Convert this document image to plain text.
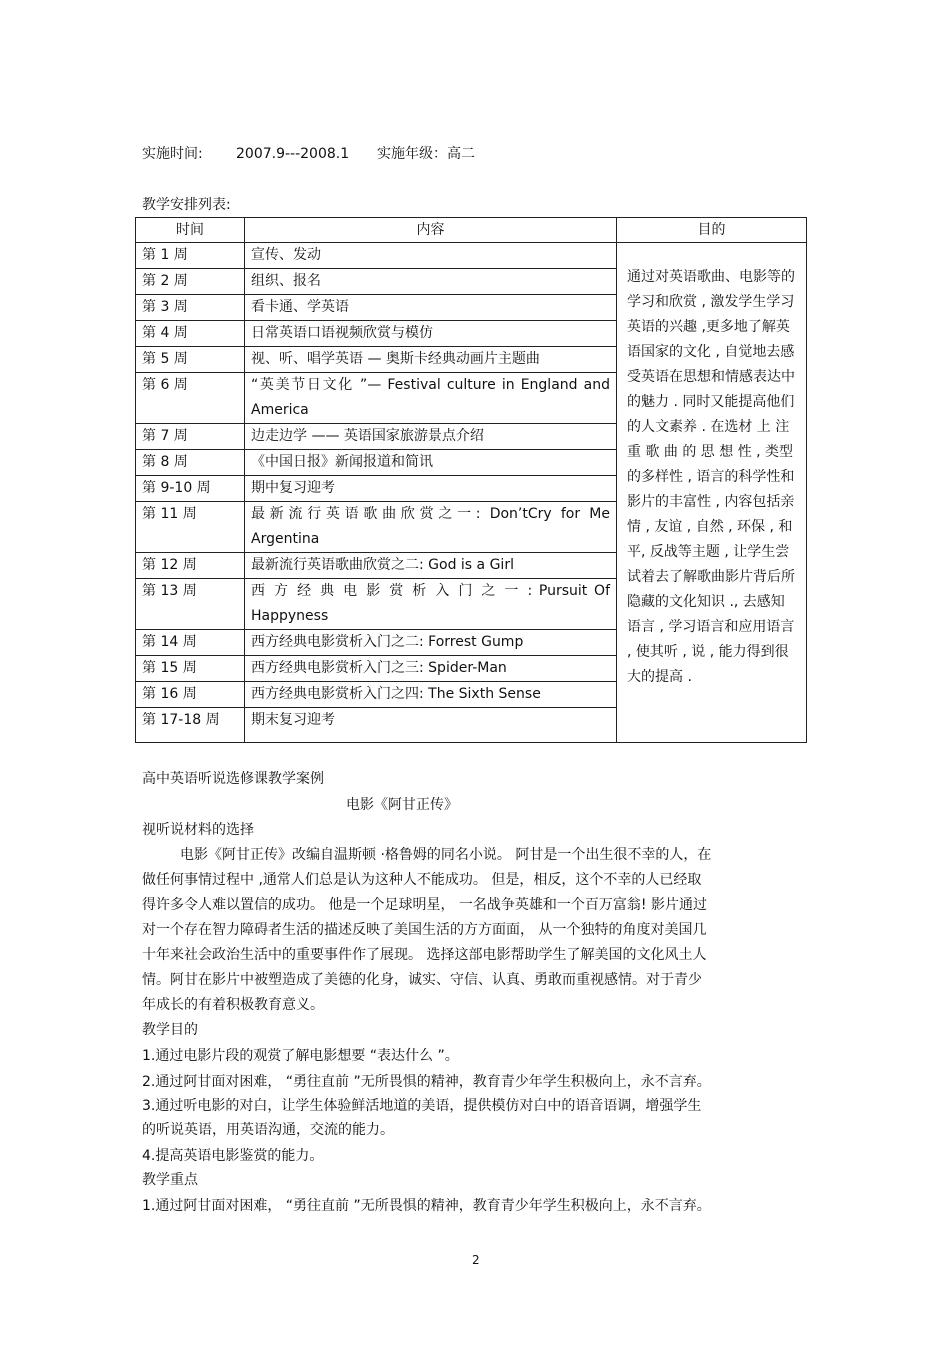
实施时间: 2007.9---2008.1 实施年级：高二
教学安排列表:
时间	内容	目的
第 1 周	宣传、发动	通过对英语歌曲、电影等的学习和欣赏 , 激发学生学习英语的兴趣 ,更多地了解英语国家的文化 , 自觉地去感受英语在思想和情感表达中的魅力 . 同时又能提高他们的人文素养 . 在选材 上 注 重 歌 曲 的 思 想 性 , 类型的多样性 , 语言的科学性和影片的丰富性 , 内容包括亲情 , 友谊 , 自然 , 环保 , 和平, 反战等主题 , 让学生尝试着去了解歌曲影片背后所隐藏的文化知识 ., 去感知语言 , 学习语言和应用语言 , 使其听 , 说 , 能力得到很大的提高 .
第 2 周	组织、报名	
第 3 周	看卡通、学英语	
第 4 周	日常英语口语视频欣赏与模仿	
第 5 周	视、听、唱学英语 — 奥斯卡经典动画片主题曲	
第 6 周	“英美节日文化 ”— Festival culture in England and
America	

第 7 周	边走边学 —— 英语国家旅游景点介绍	
第 8 周	《中国日报》新闻报道和简讯	
第 9-10 周	期中复习迎考	
第 11 周	最新流行英语歌曲欣赏之一: Don’tCry for Me
Argentina	

第 12 周	最新流行英语歌曲欣赏之二: God is a Girl	
第 13 周	西 方 经 典 电 影 赏 析 入 门 之 一 : Pursuit Of
Happyness	

第 14 周	西方经典电影赏析入门之二: Forrest Gump	
第 15 周	西方经典电影赏析入门之三: Spider-Man	
第 16 周	西方经典电影赏析入门之四: The Sixth Sense	
第 17-18 周	期末复习迎考	
高中英语听说选修课教学案例
电影《阿甘正传》
视听说材料的选择
电影《阿甘正传》改编自温斯顿 ·格鲁姆的同名小说。 阿甘是一个出生很不幸的人，在
做任何事情过程中 ,通常人们总是认为这种人不能成功。 但是，相反，这个不幸的人已经取
得许多令人难以置信的成功。 他是一个足球明星， 一名战争英雄和一个百万富翁! 影片通过
对一个存在智力障碍者生活的描述反映了美国生活的方方面面， 从一个独特的角度对美国几
十年来社会政治生活中的重要事件作了展现。 选择这部电影帮助学生了解美国的文化风土人
情。阿甘在影片中被塑造成了美德的化身，诚实、守信、认真、勇敢而重视感情。对于青少
年成长的有着积极教育意义。
教学目的
1.通过电影片段的观赏了解电影想要 “表达什么 ”。
2.通过阿甘面对困难， “勇往直前 ”无所畏惧的精神，教育青少年学生积极向上，永不言弃。
3.通过听电影的对白，让学生体验鲜活地道的美语，提供模仿对白中的语音语调，增强学生
的听说英语，用英语沟通，交流的能力。
4.提高英语电影鉴赏的能力。
教学重点
1.通过阿甘面对困难， “勇往直前 ”无所畏惧的精神，教育青少年学生积极向上，永不言弃。
2
